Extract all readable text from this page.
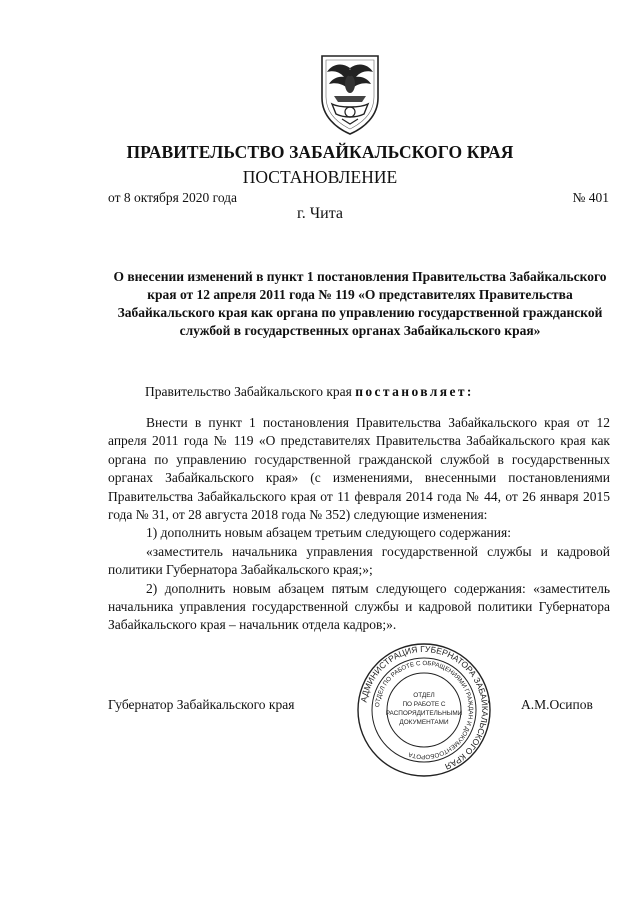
ПРАВИТЕЛЬСТВО ЗАБАЙКАЛЬСКОГО КРАЯ
ПОСТАНОВЛЕНИЕ
от 8 октября 2020 года	№ 401
г. Чита

О внесении изменений в пункт 1 постановления Правительства Забайкальского края от 12 апреля 2011 года № 119 «О представителях Правительства Забайкальского края как органа по управлению государственной гражданской службой в государственных органах Забайкальского края»

Правительство Забайкальского края постановляет:

Внести в пункт 1 постановления Правительства Забайкальского края от 12 апреля 2011 года № 119 «О представителях Правительства Забайкальского края как органа по управлению государственной гражданской службой в государственных органах Забайкальского края» (с изменениями, внесенными постановлениями Правительства Забайкальского края от 11 февраля 2014 года № 44, от 26 января 2015 года № 31, от 28 августа 2018 года № 352) следующие изменения:

1) дополнить новым абзацем третьим следующего содержания:

«заместитель начальника управления государственной службы и кадровой политики Губернатора Забайкальского края;»;

2) дополнить новым абзацем пятым следующего содержания: «заместитель начальника управления государственной службы и кадровой политики Губернатора Забайкальского края – начальник отдела кадров;».

Губернатор Забайкальского края	А.М.Осипов
АДМИНИСТРАЦИЯ ГУБЕРНАТОРА ЗАБАЙКАЛЬСКОГО КРАЯ
ОТДЕЛ ПО РАБОТЕ С ОБРАЩЕНИЯМИ ГРАЖДАН И ДОКУМЕНТООБОРОТА
ОТДЕЛ
ПО РАБОТЕ С
РАСПОРЯДИТЕЛЬНЫМИ
ДОКУМЕНТАМИ
